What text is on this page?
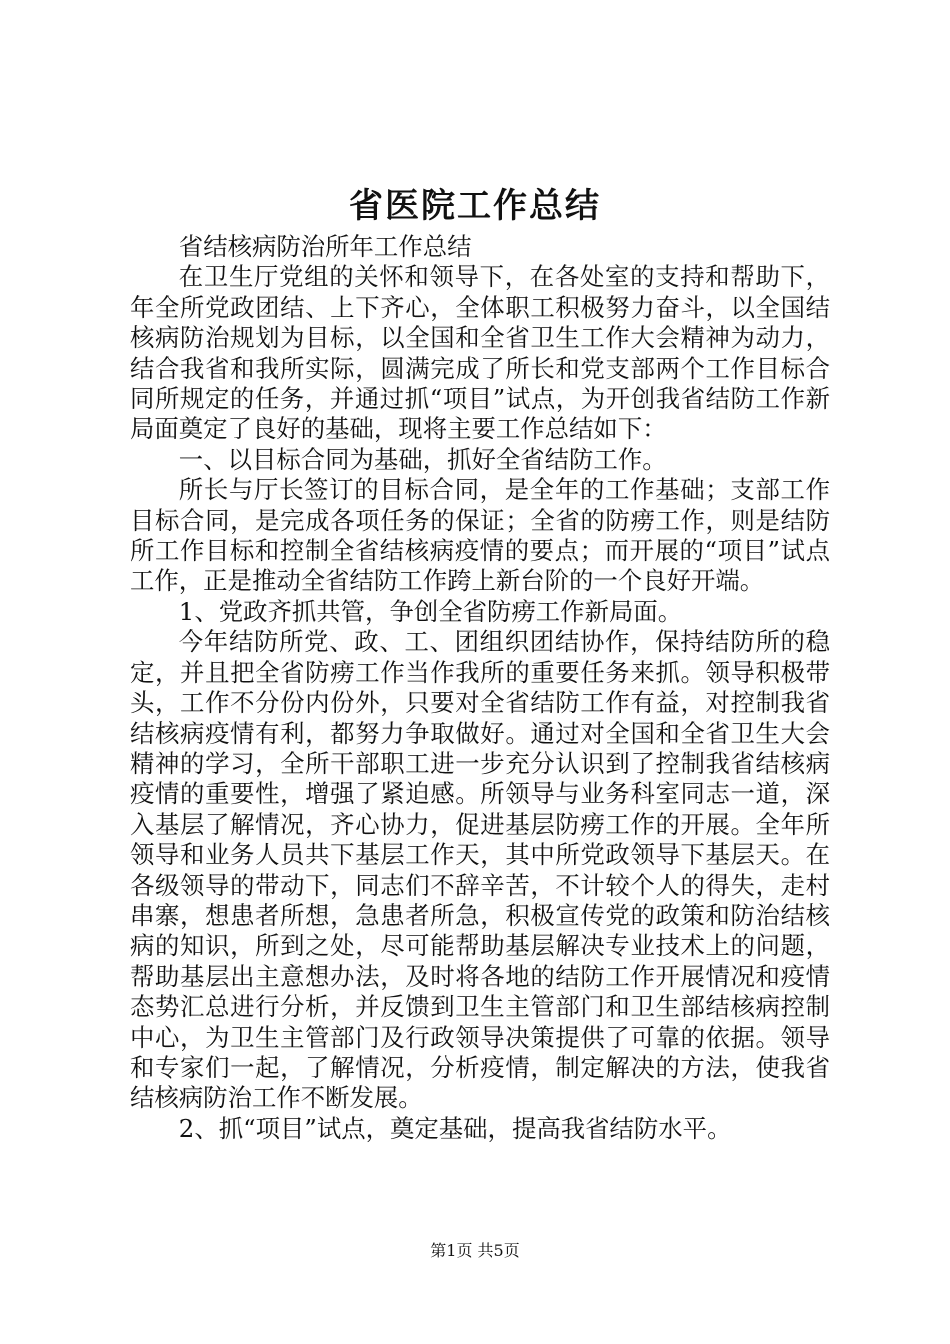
省医院工作总结

省结核病防治所年工作总结

在卫生厅党组的关怀和领导下，在各处室的支持和帮助下，年全所党政团结、上下齐心，全体职工积极努力奋斗，以全国结核病防治规划为目标，以全国和全省卫生工作大会精神为动力，结合我省和我所实际，圆满完成了所长和党支部两个工作目标合同所规定的任务，并通过抓“项目”试点，为开创我省结防工作新局面奠定了良好的基础，现将主要工作总结如下：

一、以目标合同为基础，抓好全省结防工作。

所长与厅长签订的目标合同，是全年的工作基础；支部工作目标合同，是完成各项任务的保证；全省的防痨工作，则是结防所工作目标和控制全省结核病疫情的要点；而开展的“项目”试点工作，正是推动全省结防工作跨上新台阶的一个良好开端。

1、党政齐抓共管，争创全省防痨工作新局面。

今年结防所党、政、工、团组织团结协作，保持结防所的稳定，并且把全省防痨工作当作我所的重要任务来抓。领导积极带头，工作不分份内份外，只要对全省结防工作有益，对控制我省结核病疫情有利，都努力争取做好。通过对全国和全省卫生大会精神的学习，全所干部职工进一步充分认识到了控制我省结核病疫情的重要性，增强了紧迫感。所领导与业务科室同志一道，深入基层了解情况，齐心协力，促进基层防痨工作的开展。全年所领导和业务人员共下基层工作天，其中所党政领导下基层天。在各级领导的带动下，同志们不辞辛苦，不计较个人的得失，走村串寨，想患者所想，急患者所急，积极宣传党的政策和防治结核病的知识，所到之处，尽可能帮助基层解决专业技术上的问题，帮助基层出主意想办法，及时将各地的结防工作开展情况和疫情态势汇总进行分析，并反馈到卫生主管部门和卫生部结核病控制中心，为卫生主管部门及行政领导决策提供了可靠的依据。领导和专家们一起，了解情况，分析疫情，制定解决的方法，使我省结核病防治工作不断发展。

2、抓“项目”试点，奠定基础，提高我省结防水平。

第1页 共5页
